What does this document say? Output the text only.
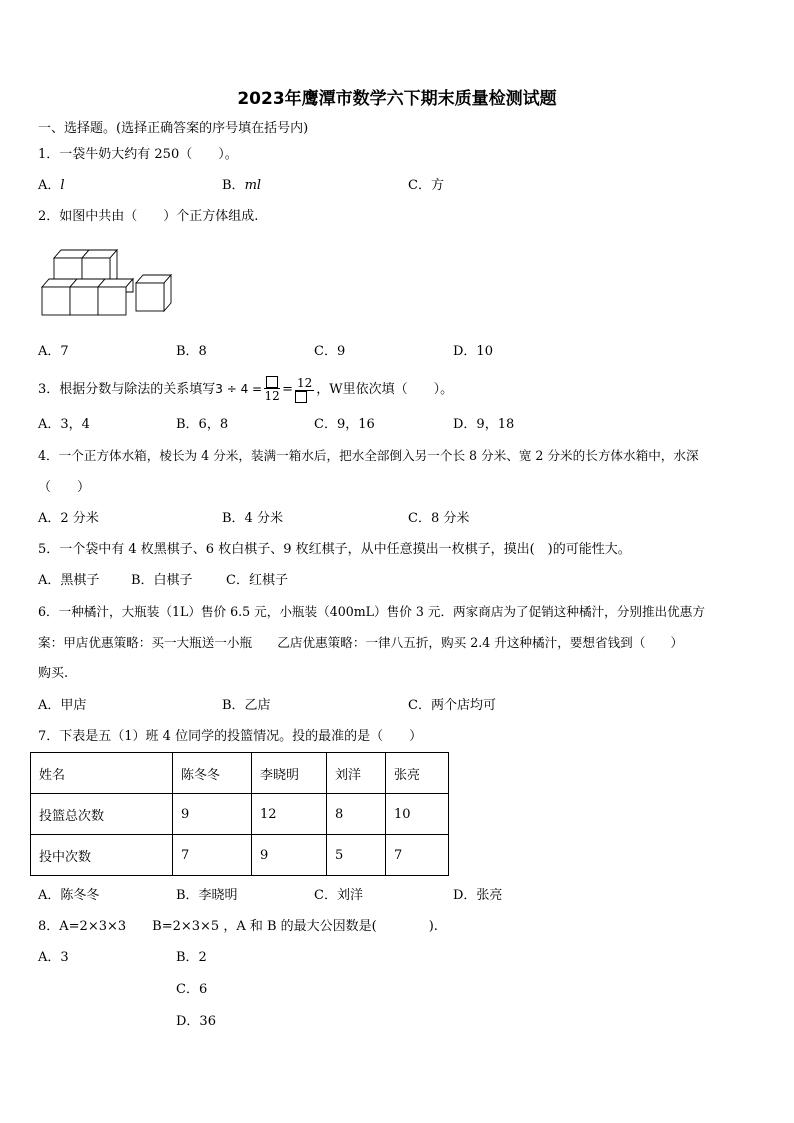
2023年鹰潭市数学六下期末质量检测试题
一、选择题。(选择正确答案的序号填在括号内)
1．一袋牛奶大约有 250（　　）。
A．l	B．ml	C．方
2．如图中共由（　　）个正方体组成.
A．7	B．8	C．9	D．10
3．根据分数与除法的关系填写3 ÷ 4 = 12 = 12 ，W里依次填（　　）。
A．3，4	B．6，8	C．9，16	D．9，18
4．一个正方体水箱，棱长为 4 分米，装满一箱水后，把水全部倒入另一个长 8 分米、宽 2 分米的长方体水箱中，水深
（　　）
A．2 分米	B．4 分米	C．8 分米
5．一个袋中有 4 枚黑棋子、6 枚白棋子、9 枚红棋子，从中任意摸出一枚棋子，摸出(　)的可能性大。
A．黑棋子 B．白棋子	C．红棋子
6．一种橘汁，大瓶装（1L）售价 6.5 元，小瓶装（400mL）售价 3 元．两家商店为了促销这种橘汁，分别推出优惠方
案：甲店优惠策略：买一大瓶送一小瓶　　乙店优惠策略：一律八五折，购买 2.4 升这种橘汁，要想省钱到（　　）
购买.
A．甲店	B．乙店	C．两个店均可
7．下表是五（1）班 4 位同学的投篮情况。投的最准的是（　　）
姓名	陈冬冬	李晓明	刘洋	张亮
投篮总次数	9	12	8	10
投中次数	7	9	5	7
A．陈冬冬	B．李晓明	C．刘洋	D．张亮
8．A=2×3×3　　B=2×3×5 ，A 和 B 的最大公因数是(　　　　).
A．3	B．2
C．6
D．36
